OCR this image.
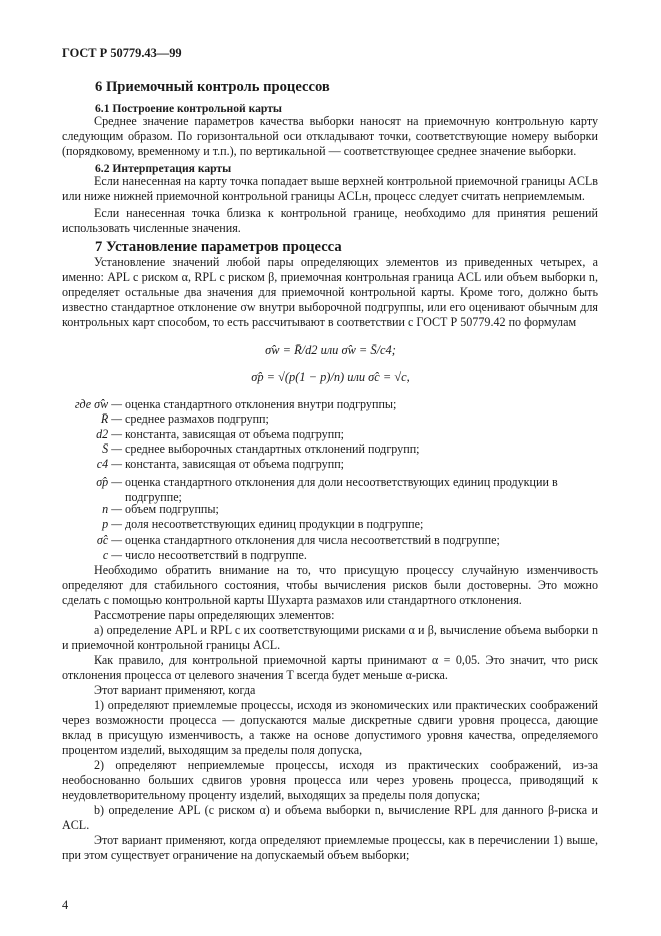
ГОСТ Р 50779.43—99
6 Приемочный контроль процессов
6.1 Построение контрольной карты
Среднее значение параметров качества выборки наносят на приемочную контрольную карту следующим образом. По горизонтальной оси откладывают точки, соответствующие номеру выборки (порядковому, временному и т.п.), по вертикальной — соответствующее среднее значение выборки.
6.2 Интерпретация карты
Если нанесенная на карту точка попадает выше верхней контрольной приемочной границы ACLв или ниже нижней приемочной контрольной границы ACLн, процесс следует считать неприемлемым.
Если нанесенная точка близка к контрольной границе, необходимо для принятия решений использовать численные значения.
7 Установление параметров процесса
Установление значений любой пары определяющих элементов из приведенных четырех, а именно: APL с риском α, RPL с риском β, приемочная контрольная граница ACL или объем выборки n, определяет остальные два значения для приемочной контрольной карты. Кроме того, должно быть известно стандартное отклонение σw внутри выборочной подгруппы, или его оценивают обычным для контрольных карт способом, то есть рассчитывают в соответствии с ГОСТ Р 50779.42 по формулам
σ̂w = R̄/d2 или σ̂w = S̄/c4;
σ̂p = √(p(1 − p)/n) или σ̂c = √c,
где σ̂w — оценка стандартного отклонения внутри подгруппы;
R̄ — среднее размахов подгрупп;
d2 — константа, зависящая от объема подгрупп;
S̄ — среднее выборочных стандартных отклонений подгрупп;
c4 — константа, зависящая от объема подгрупп;
σ̂p — оценка стандартного отклонения для доли несоответствующих единиц продукции в подгруппе;
n — объем подгруппы;
p — доля несоответствующих единиц продукции в подгруппе;
σ̂c — оценка стандартного отклонения для числа несоответствий в подгруппе;
c — число несоответствий в подгруппе.
Необходимо обратить внимание на то, что присущую процессу случайную изменчивость определяют для стабильного состояния, чтобы вычисления рисков были достоверны. Это можно сделать с помощью контрольной карты Шухарта размахов или стандартного отклонения.
Рассмотрение пары определяющих элементов:
a) определение APL и RPL с их соответствующими рисками α и β, вычисление объема выборки n и приемочной контрольной границы ACL.
Как правило, для контрольной приемочной карты принимают α = 0,05. Это значит, что риск отклонения процесса от целевого значения T всегда будет меньше α-риска.
Этот вариант применяют, когда
1) определяют приемлемые процессы, исходя из экономических или практических соображений через возможности процесса — допускаются малые дискретные сдвиги уровня процесса, дающие вклад в присущую изменчивость, а также на основе допустимого уровня качества, определяемого процентом изделий, выходящим за пределы поля допуска,
2) определяют неприемлемые процессы, исходя из практических соображений, из-за необоснованно больших сдвигов уровня процесса или через уровень процесса, приводящий к неудовлетворительному проценту изделий, выходящих за пределы поля допуска;
b) определение APL (с риском α) и объема выборки n, вычисление RPL для данного β-риска и ACL.
Этот вариант применяют, когда определяют приемлемые процессы, как в перечислении 1) выше, при этом существует ограничение на допускаемый объем выборки;
4
